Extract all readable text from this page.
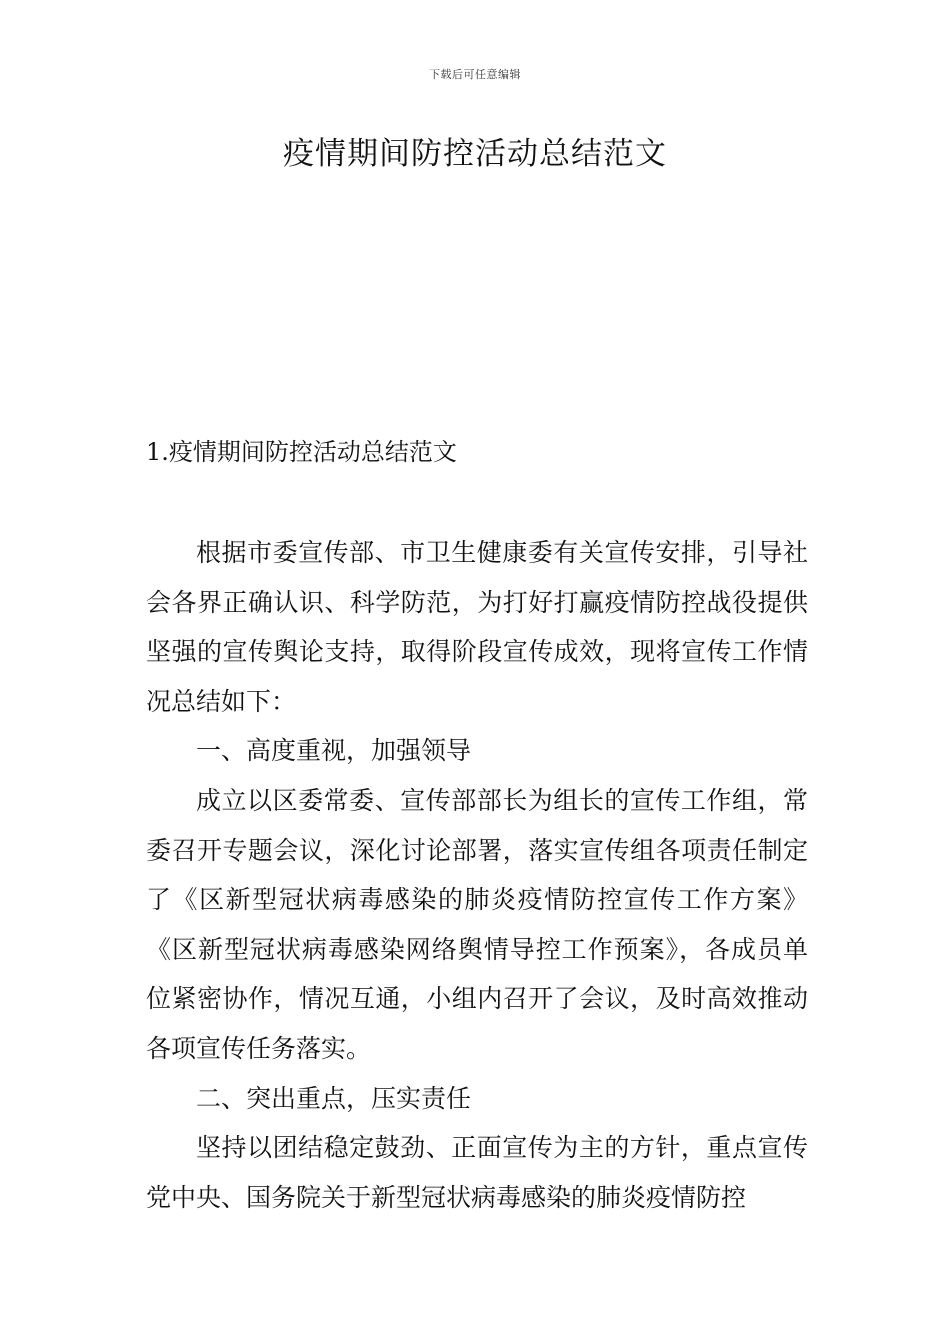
下载后可任意编辑
疫情期间防控活动总结范文
1.疫情期间防控活动总结范文

根据市委宣传部、市卫生健康委有关宣传安排，引导社会各界正确认识、科学防范，为打好打赢疫情防控战役提供坚强的宣传舆论支持，取得阶段宣传成效，现将宣传工作情况总结如下：

一、高度重视，加强领导

成立以区委常委、宣传部部长为组长的宣传工作组，常委召开专题会议，深化讨论部署，落实宣传组各项责任制定了《区新型冠状病毒感染的肺炎疫情防控宣传工作方案》《区新型冠状病毒感染网络舆情导控工作预案》，各成员单位紧密协作，情况互通，小组内召开了会议，及时高效推动各项宣传任务落实。

二、突出重点，压实责任

坚持以团结稳定鼓劲、正面宣传为主的方针，重点宣传党中央、国务院关于新型冠状病毒感染的肺炎疫情防控
